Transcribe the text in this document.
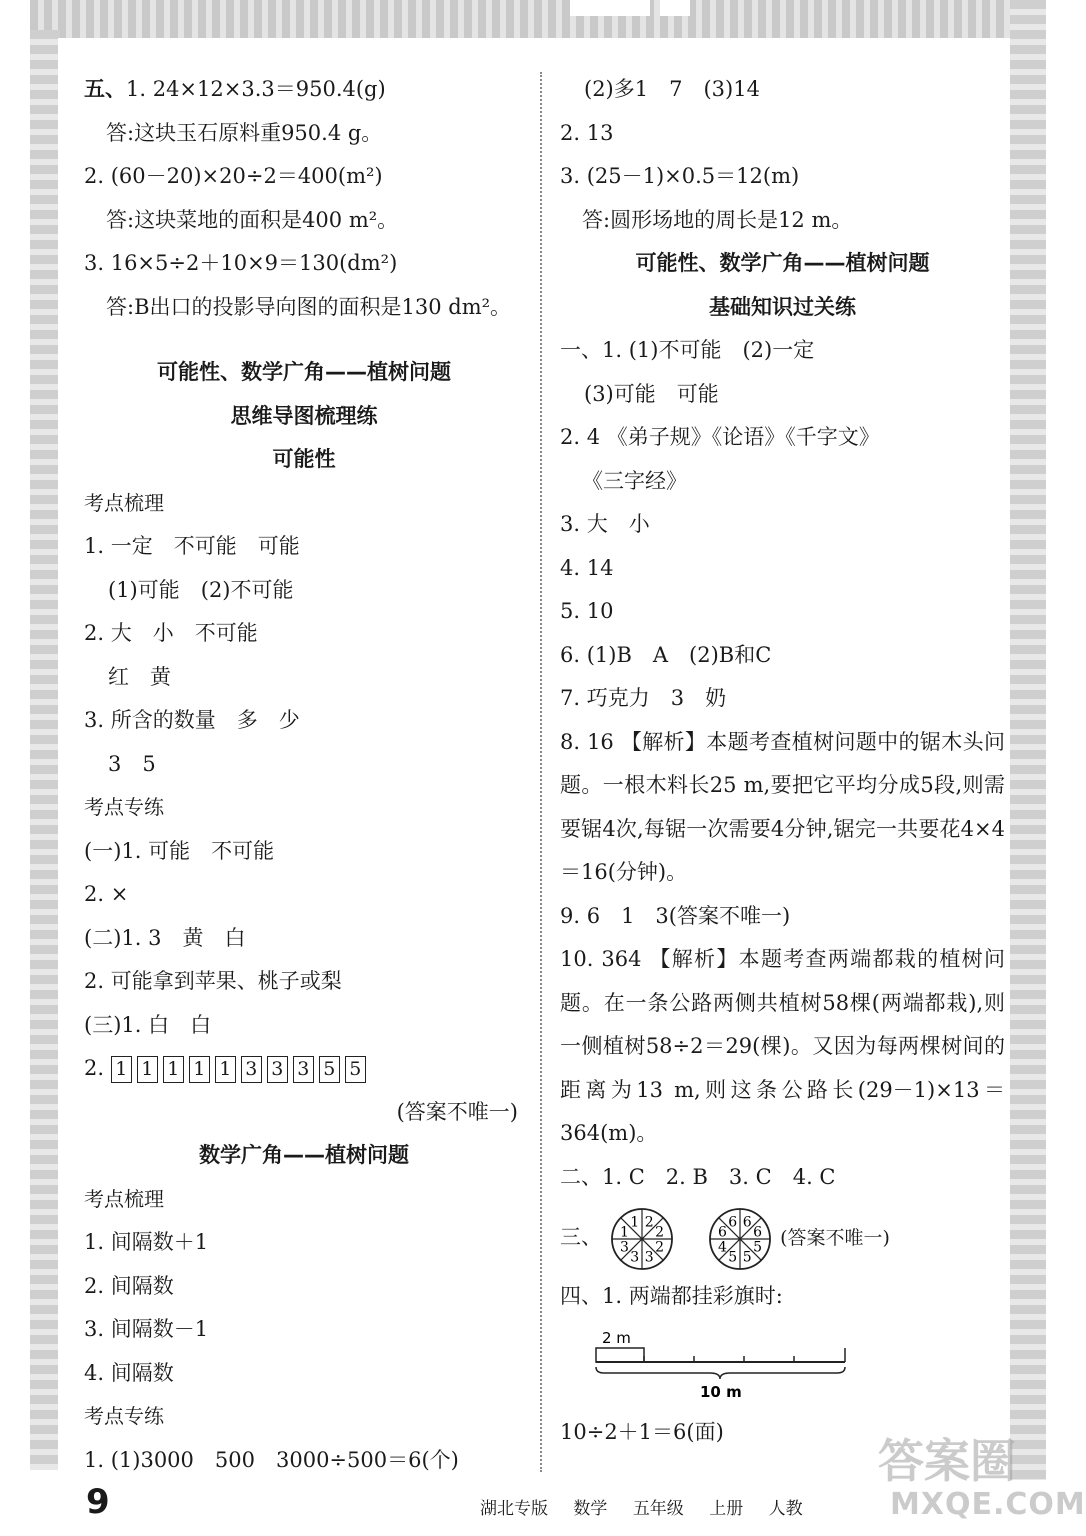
五、1. 24×12×3.3＝950.4(g)
答:这块玉石原料重950.4 g。
2. (60－20)×20÷2＝400(m²)
答:这块菜地的面积是400 m²。
3. 16×5÷2＋10×9＝130(dm²)
答:B出口的投影导向图的面积是130 dm²。
可能性、数学广角——植树问题
思维导图梳理练
可能性
考点梳理
1. 一定　不可能　可能
(1)可能　(2)不可能
2. 大　小　不可能
红　黄
3. 所含的数量　多　少
3　5
考点专练
(一)1. 可能　不可能
2. ×
(二)1. 3　黄　白
2. 可能拿到苹果、桃子或梨
(三)1. 白　白
2. 1 1 1 1 1 3 3 3 5 5
(答案不唯一)
数学广角——植树问题
考点梳理
1. 间隔数＋1
2. 间隔数
3. 间隔数－1
4. 间隔数
考点专练
1. (1)3000　500　3000÷500＝6(个)
(2)多1　7　(3)14
2. 13
3. (25－1)×0.5＝12(m)
答:圆形场地的周长是12 m。
可能性、数学广角——植树问题
基础知识过关练
一、1. (1)不可能　(2)一定
(3)可能　可能
2. 4 《弟子规》《论语》《千字文》
《三字经》
3. 大　小
4. 14
5. 10
6. (1)B　A　(2)B和C
7. 巧克力　3　奶
8. 16 【解析】本题考查植树问题中的锯木头问题。一根木料长25 m,要把它平均分成5段,则需要锯4次,每锯一次需要4分钟,锯完一共要花4×4＝16(分钟)。
9. 6　1　3(答案不唯一)
10. 364 【解析】本题考查两端都栽的植树问题。在一条公路两侧共植树58棵(两端都栽),则一侧植树58÷2＝29(棵)。又因为每两棵树间的距离为13 m,则这条公路长(29－1)×13＝364(m)。
二、1. C　2. B　3. C　4. C
三、
1 2
2
2
3
3
3
1

6 6
6
5
5
5
4
6	(答案不唯一)
四、1. 两端都挂彩旗时:
2 m
10 m
10÷2＋1＝6(面)
9	湖北专版 数学 五年级 上册 人教
答案圈
MXQE.COM
